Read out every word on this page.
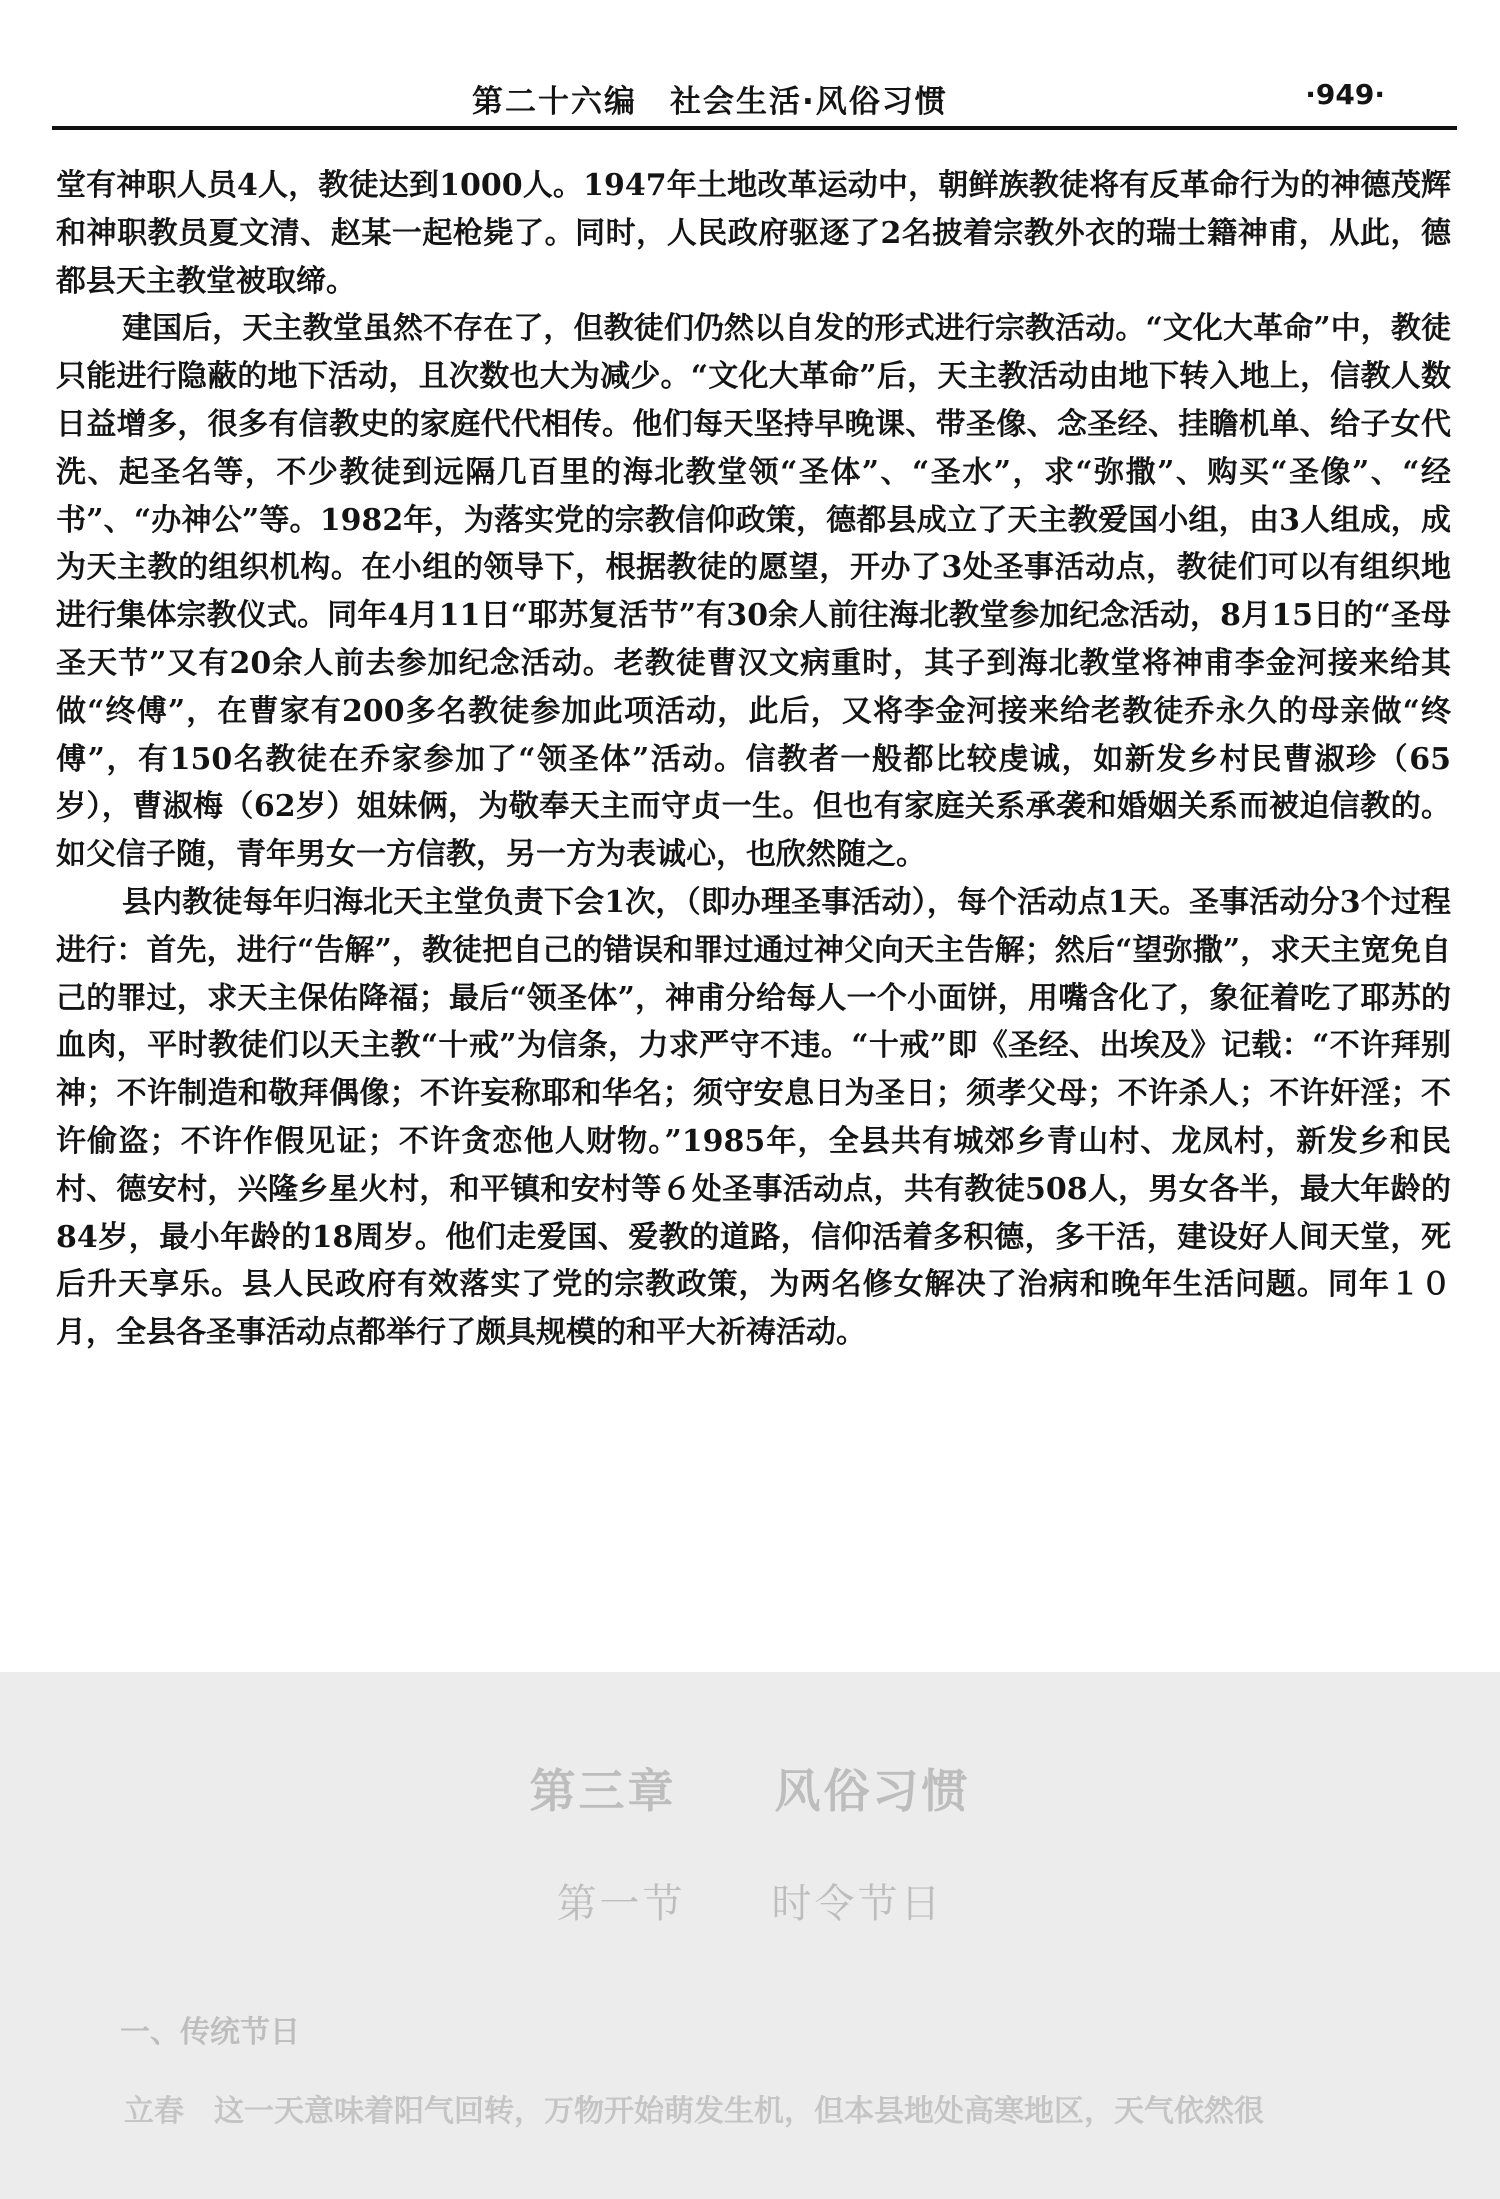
第二十六编　社会生活·风俗习惯	·949·

堂有神职人员4人，教徒达到1000人。1947年土地改革运动中，朝鲜族教徒将有反革命行为的神德茂辉和神职教员夏文清、赵某一起枪毙了。同时，人民政府驱逐了2名披着宗教外衣的瑞士籍神甫，从此，德都县天主教堂被取缔。

建国后，天主教堂虽然不存在了，但教徒们仍然以自发的形式进行宗教活动。“文化大革命”中，教徒只能进行隐蔽的地下活动，且次数也大为减少。“文化大革命”后，天主教活动由地下转入地上，信教人数日益增多，很多有信教史的家庭代代相传。他们每天坚持早晚课、带圣像、念圣经、挂瞻机单、给子女代洗、起圣名等，不少教徒到远隔几百里的海北教堂领“圣体”、“圣水”，求“弥撒”、购买“圣像”、“经书”、“办神公”等。1982年，为落实党的宗教信仰政策，德都县成立了天主教爱国小组，由3人组成，成为天主教的组织机构。在小组的领导下，根据教徒的愿望，开办了3处圣事活动点，教徒们可以有组织地进行集体宗教仪式。同年4月11日“耶苏复活节”有30余人前往海北教堂参加纪念活动，8月15日的“圣母圣天节”又有20余人前去参加纪念活动。老教徒曹汉文病重时，其子到海北教堂将神甫李金河接来给其做“终傅”，在曹家有200多名教徒参加此项活动，此后，又将李金河接来给老教徒乔永久的母亲做“终傅”，有150名教徒在乔家参加了“领圣体”活动。信教者一般都比较虔诚，如新发乡村民曹淑珍（65岁），曹淑梅（62岁）姐妹俩，为敬奉天主而守贞一生。但也有家庭关系承袭和婚姻关系而被迫信教的。如父信子随，青年男女一方信教，另一方为表诚心，也欣然随之。

县内教徒每年归海北天主堂负责下会1次，（即办理圣事活动），每个活动点1天。圣事活动分3个过程进行：首先，进行“告解”，教徒把自己的错误和罪过通过神父向天主告解；然后“望弥撒”，求天主宽免自己的罪过，求天主保佑降福；最后“领圣体”，神甫分给每人一个小面饼，用嘴含化了，象征着吃了耶苏的血肉，平时教徒们以天主教“十戒”为信条，力求严守不违。“十戒”即《圣经、出埃及》记载：“不许拜别神；不许制造和敬拜偶像；不许妄称耶和华名；须守安息日为圣日；须孝父母；不许杀人；不许奸淫；不许偷盗；不许作假见证；不许贪恋他人财物。”1985年，全县共有城郊乡青山村、龙凤村，新发乡和民村、德安村，兴隆乡星火村，和平镇和安村等６处圣事活动点，共有教徒508人，男女各半，最大年龄的84岁，最小年龄的18周岁。他们走爱国、爱教的道路，信仰活着多积德，多干活，建设好人间天堂，死后升天享乐。县人民政府有效落实了党的宗教政策，为两名修女解决了治病和晚年生活问题。同年１０月，全县各圣事活动点都举行了颇具规模的和平大祈祷活动。

第三章　　风俗习惯
第一节　　时令节日
一、传统节日
立春 这一天意味着阳气回转，万物开始萌发生机，但本县地处高寒地区，天气依然很
